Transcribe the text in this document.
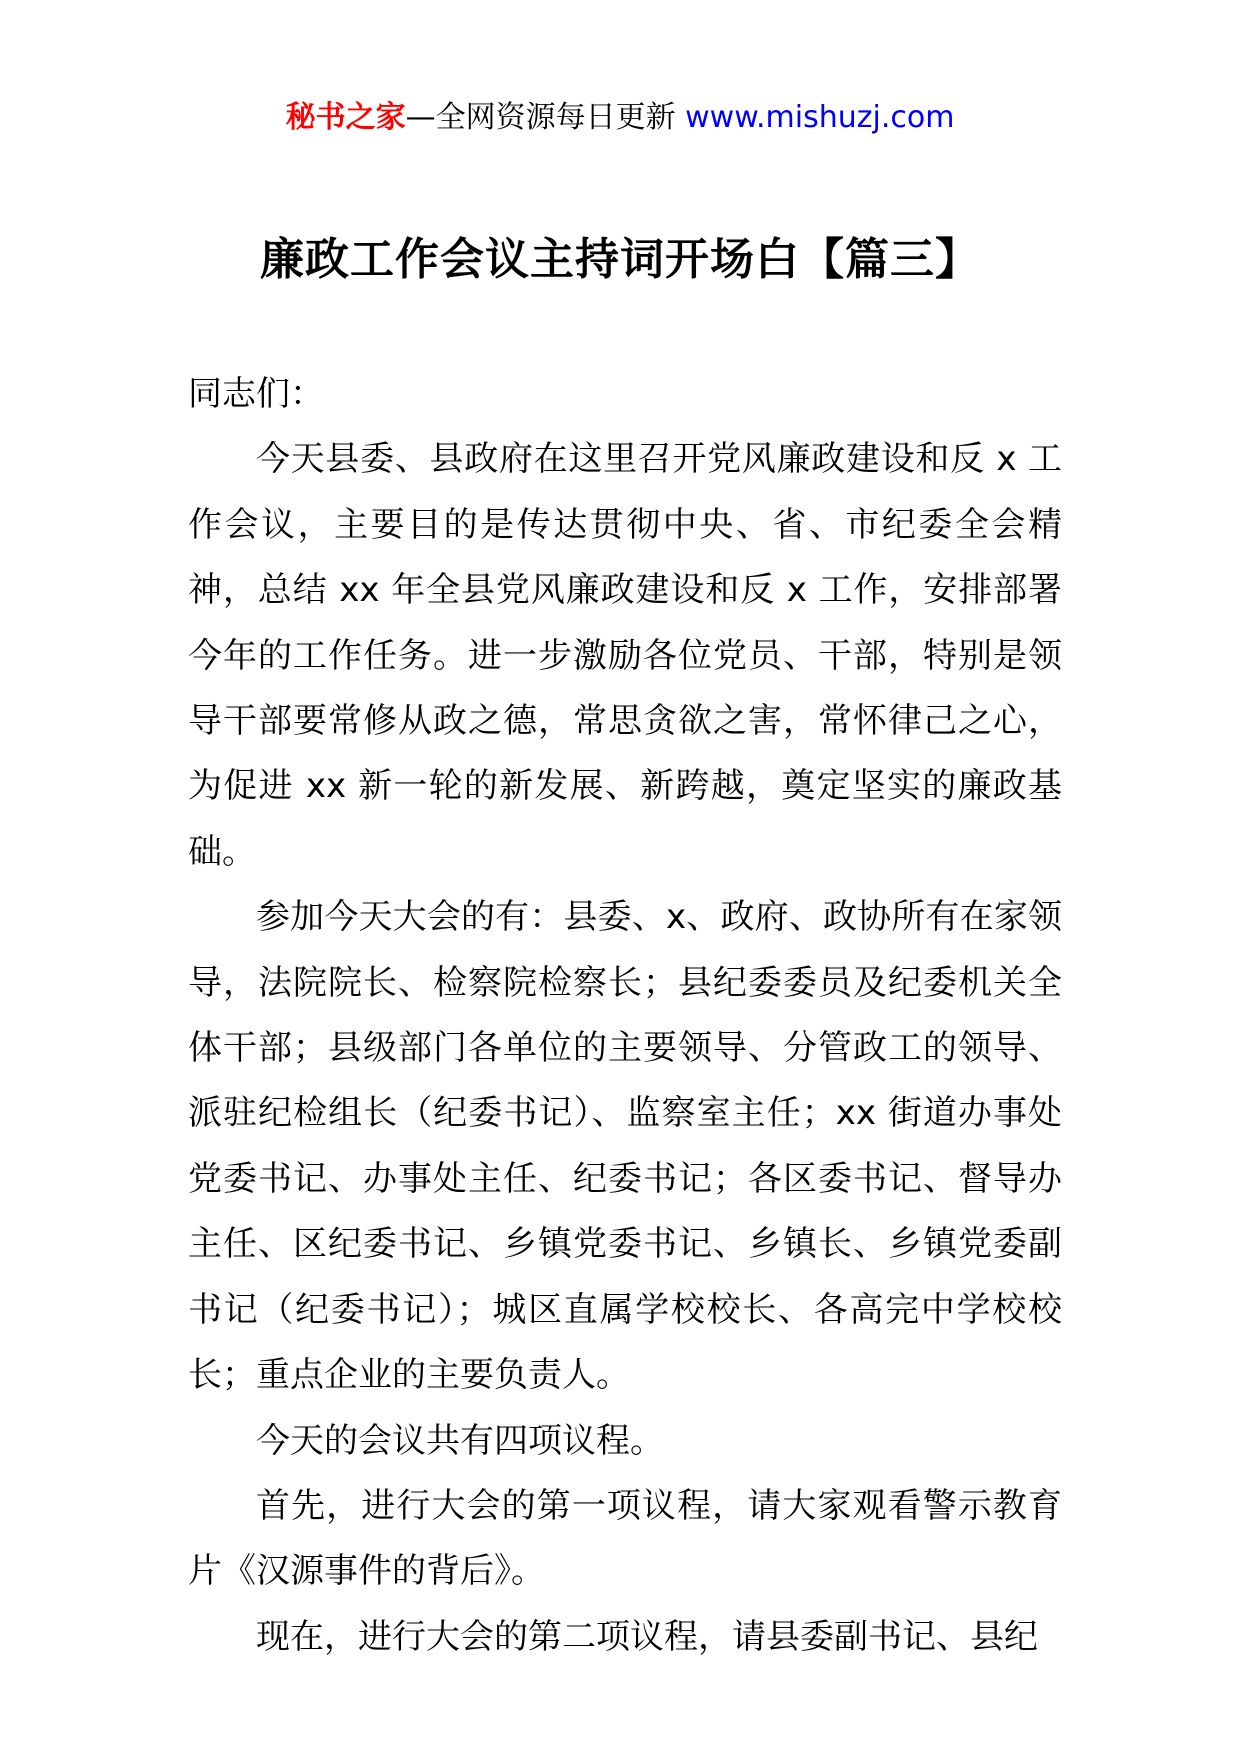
秘书之家—全网资源每日更新 www.mishuzj.com
廉政工作会议主持词开场白【篇三】

同志们：

今天县委、县政府在这里召开党风廉政建设和反 x 工作会议，主要目的是传达贯彻中央、省、市纪委全会精神，总结 xx 年全县党风廉政建设和反 x 工作，安排部署今年的工作任务。进一步激励各位党员、干部，特别是领导干部要常修从政之德，常思贪欲之害，常怀律己之心，为促进 xx 新一轮的新发展、新跨越，奠定坚实的廉政基础。

参加今天大会的有：县委、x、政府、政协所有在家领导，法院院长、检察院检察长；县纪委委员及纪委机关全体干部；县级部门各单位的主要领导、分管政工的领导、派驻纪检组长（纪委书记）、监察室主任；xx 街道办事处党委书记、办事处主任、纪委书记；各区委书记、督导办主任、区纪委书记、乡镇党委书记、乡镇长、乡镇党委副书记（纪委书记）；城区直属学校校长、各高完中学校校长；重点企业的主要负责人。

今天的会议共有四项议程。

首先，进行大会的第一项议程，请大家观看警示教育片《汉源事件的背后》。

现在，进行大会的第二项议程，请县委副书记、县纪
